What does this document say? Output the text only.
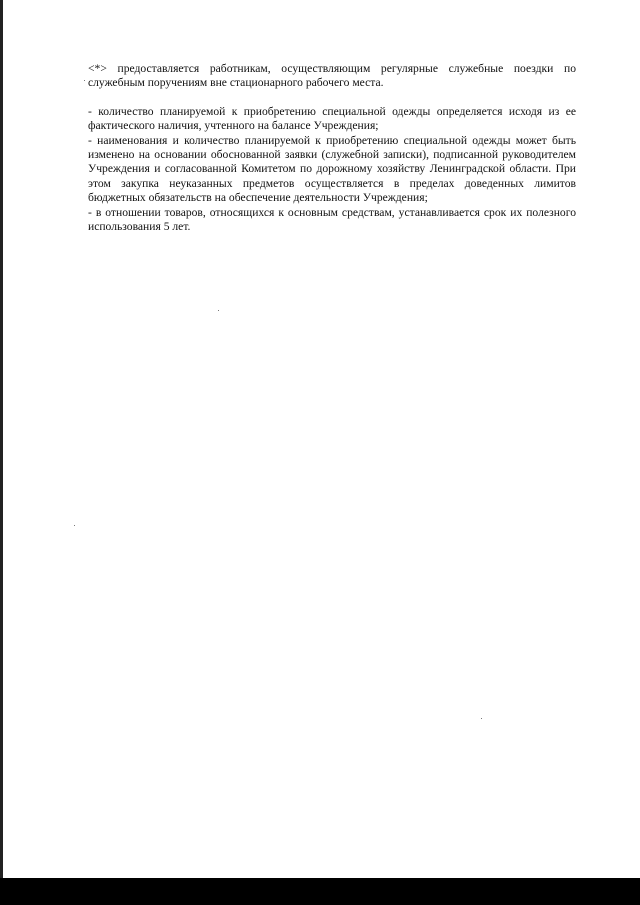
<*> предоставляется работникам, осуществляющим регулярные служебные поездки по служебным поручениям вне стационарного рабочего места.

- количество планируемой к приобретению специальной одежды определяется исходя из ее фактического наличия, учтенного на балансе Учреждения;

- наименования и количество планируемой к приобретению специальной одежды может быть изменено на основании обоснованной заявки (служебной записки), подписанной руководителем Учреждения и согласованной Комитетом по дорожному хозяйству Ленинградской области. При этом закупка неуказанных предметов осуществляется в пределах доведенных лимитов бюджетных обязательств на обеспечение деятельности Учреждения;

- в отношении товаров, относящихся к основным средствам, устанавливается срок их полезного использования 5 лет.
